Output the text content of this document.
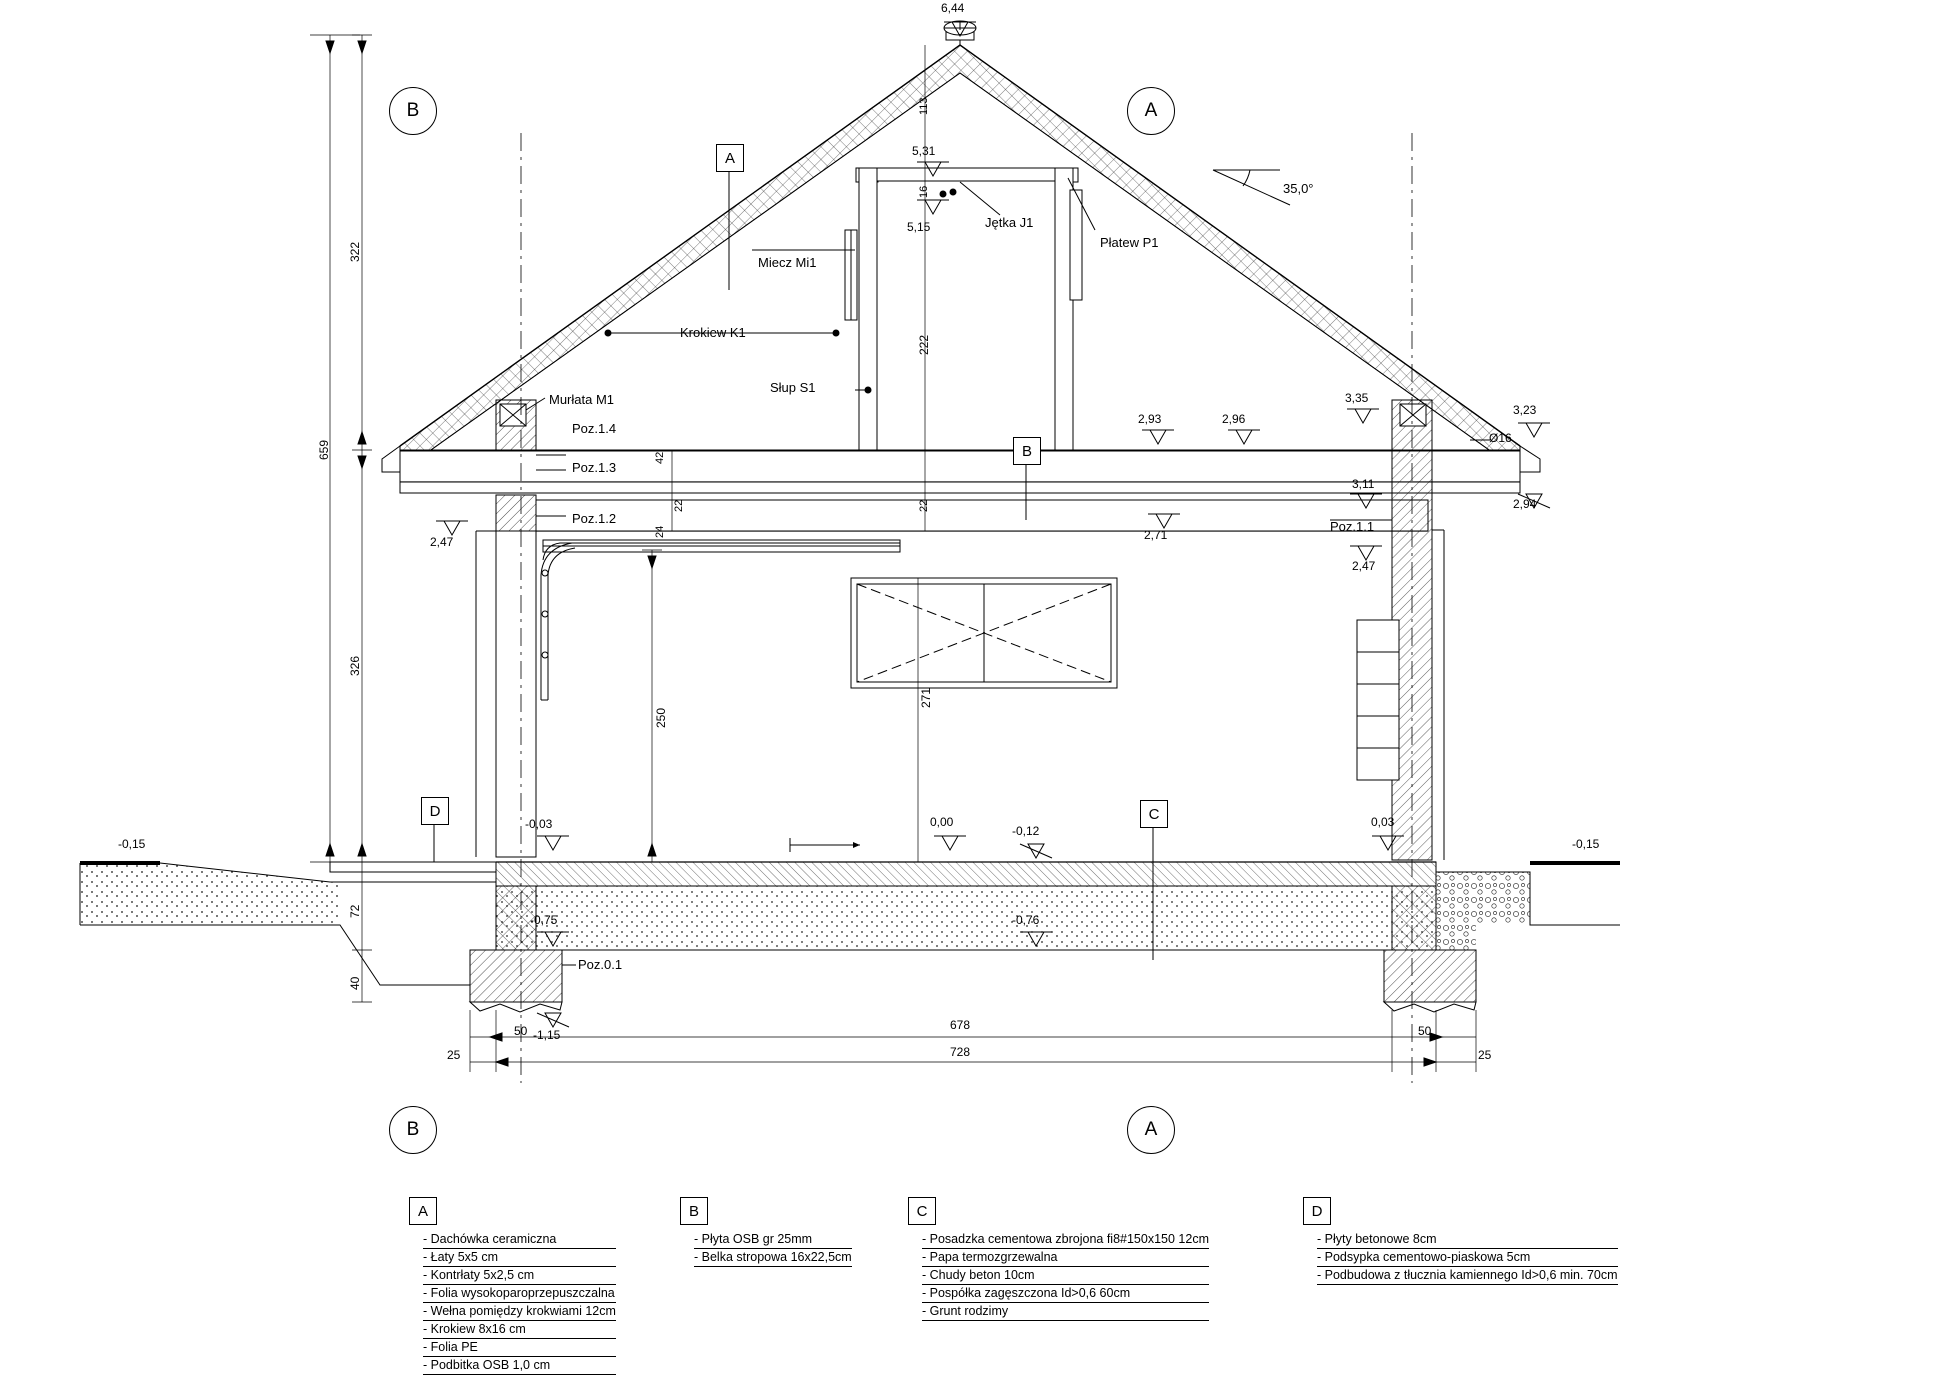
B	A
B	A
A
B
C
D
6,44
5,31
5,15
3,35
3,23
2,93	2,96
3,11
2,94
2,71
2,47
2,47
-0,03	0,00
-0,12
0,03
-0,15	-0,15
-0,75	-0,76
-1,15
659
322
326
72
40
113
16
222
22	22
42
24
250
271
50	50
678
728
25	25
Miecz Mi1
Krokiew K1
Słup S1
Jętka J1
Płatew P1
Murłata M1
Poz.1.4
Poz.1.3
Poz.1.2
Poz.1.1
Poz.0.1
Ø16
35,0°
A
- Dachówka ceramiczna
- Łaty 5x5 cm
- Kontrłaty 5x2,5 cm
- Folia wysokoparoprzepuszczalna
- Wełna pomiędzy krokwiami 12cm
- Krokiew 8x16 cm
- Folia PE
- Podbitka OSB 1,0 cm
B
- Płyta OSB gr 25mm
- Belka stropowa 16x22,5cm
C
- Posadzka cementowa zbrojona fi8#150x150 12cm
- Papa termozgrzewalna
- Chudy beton 10cm
- Pospółka zagęszczona Id>0,6 60cm
- Grunt rodzimy
D
- Płyty betonowe 8cm
- Podsypka cementowo-piaskowa 5cm
- Podbudowa z tłucznia kamiennego Id>0,6 min. 70cm
